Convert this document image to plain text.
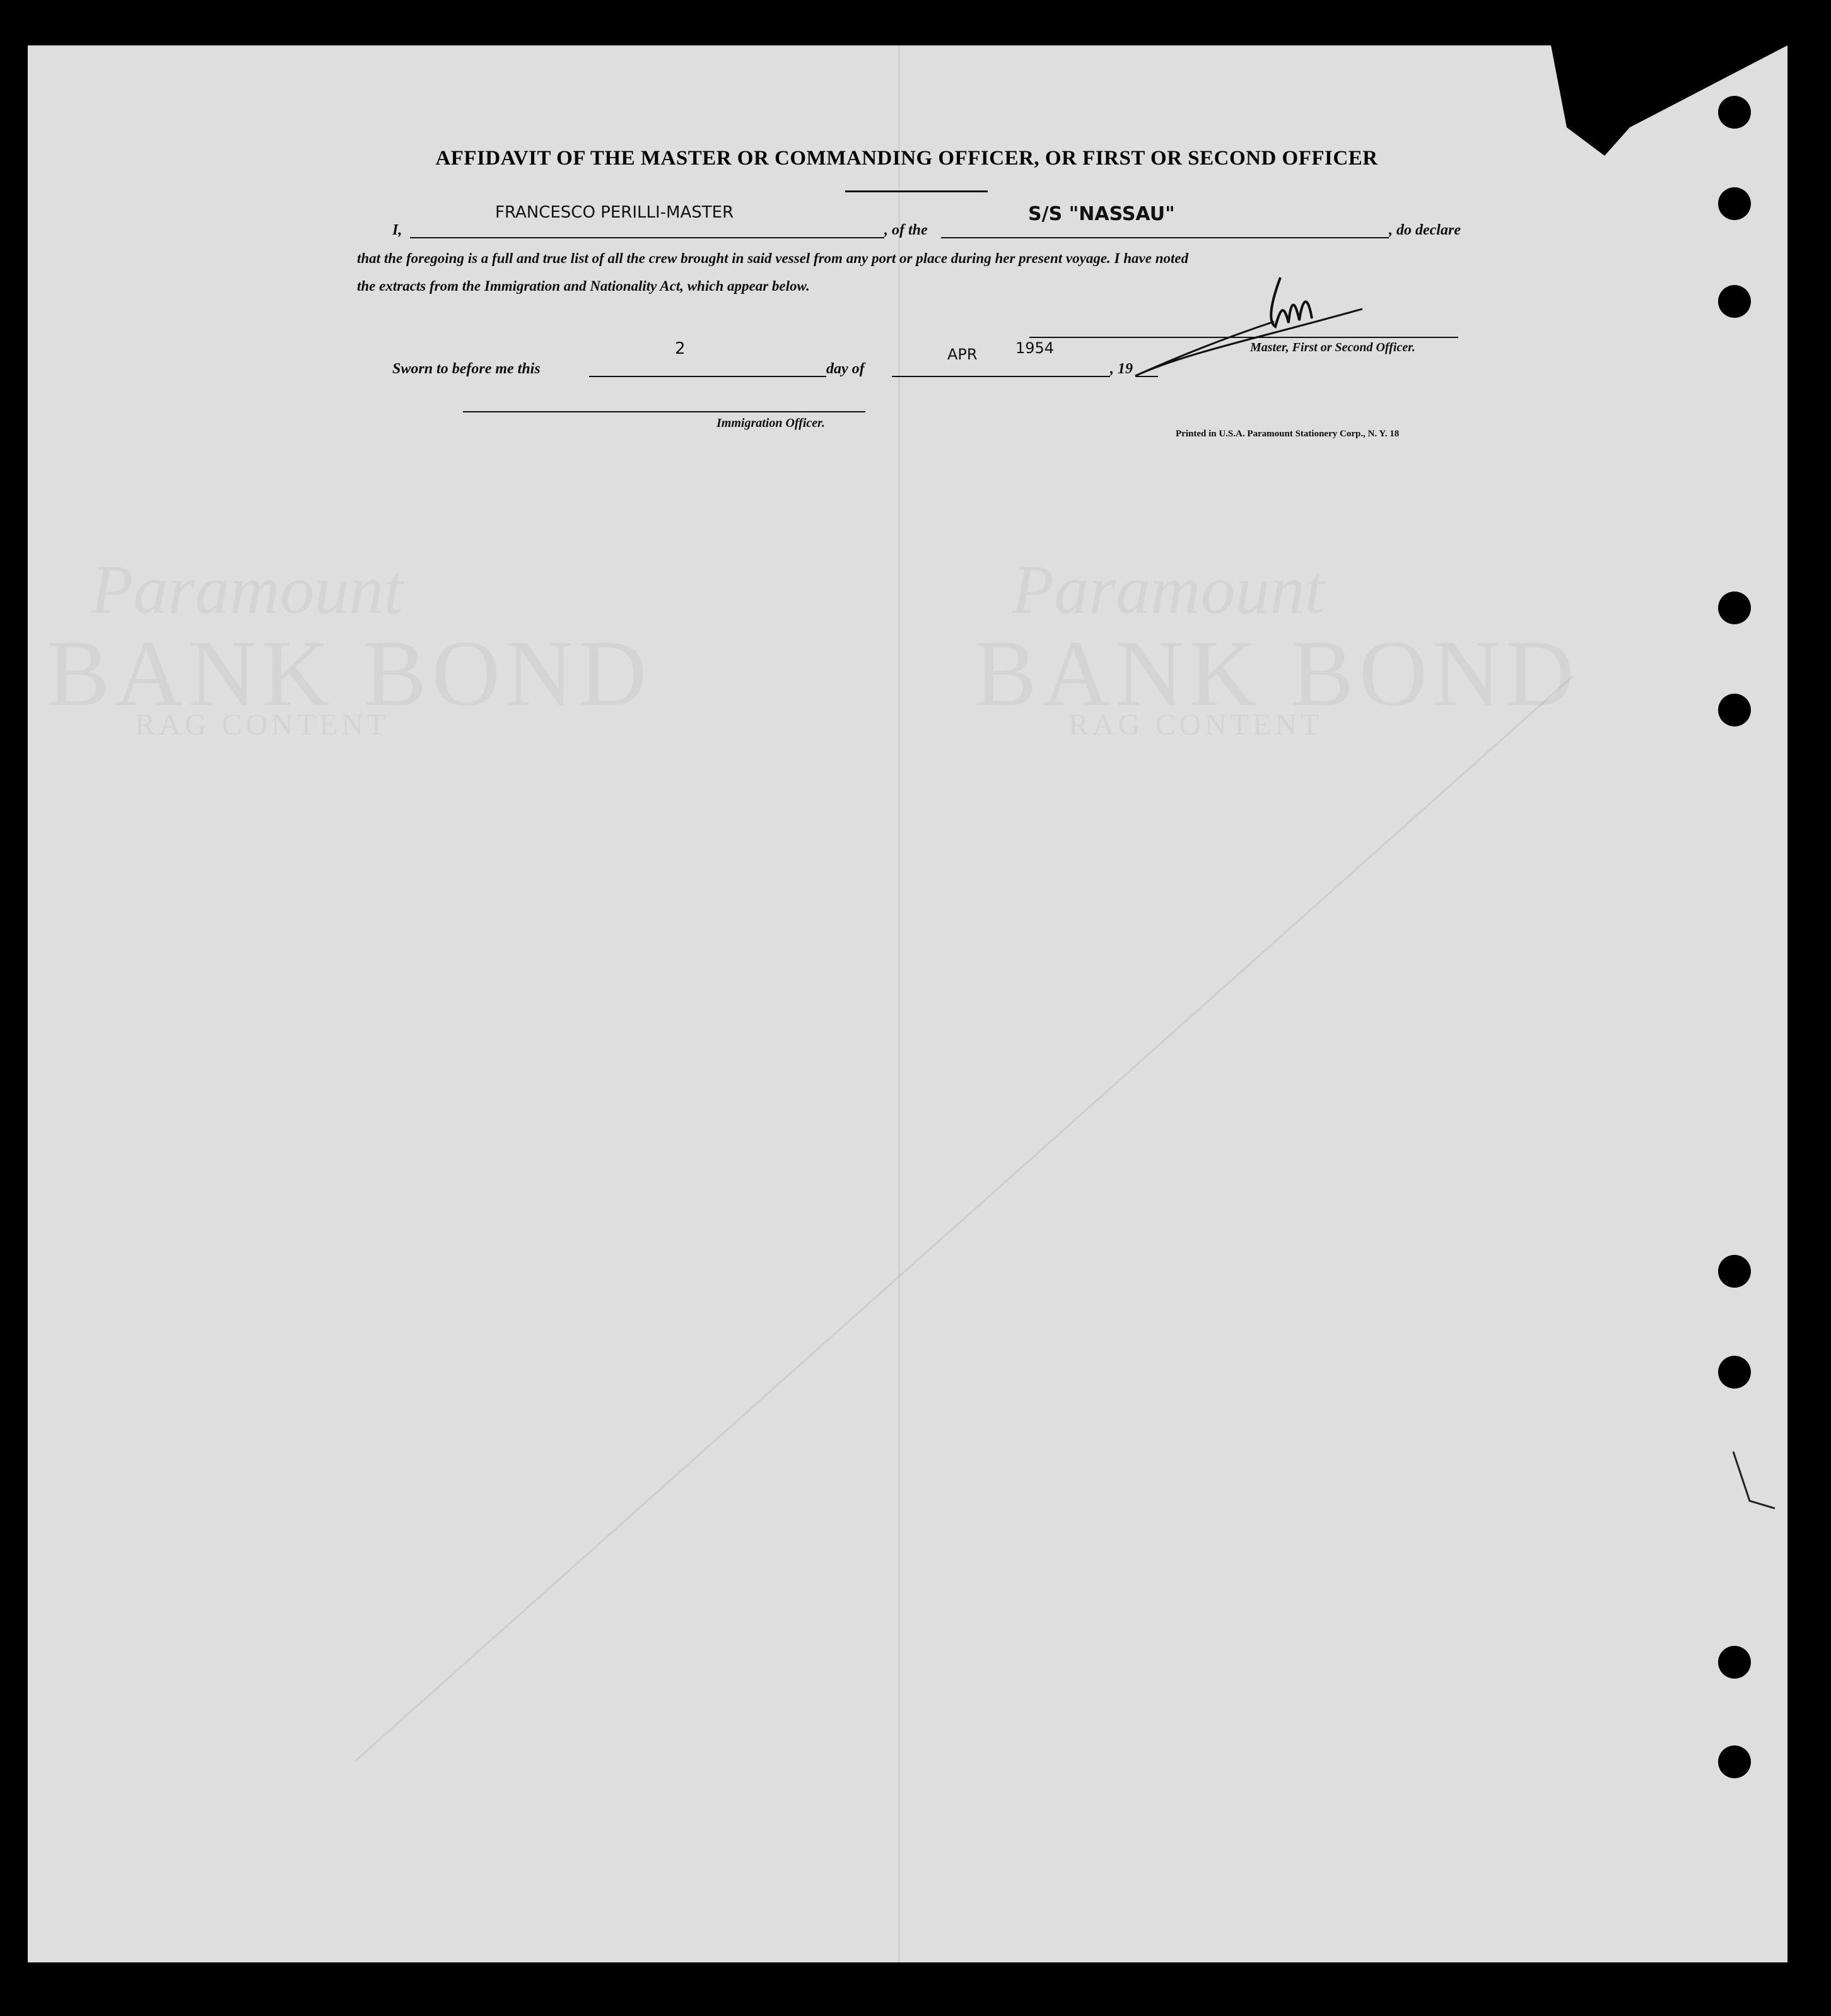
AFFIDAVIT OF THE MASTER OR COMMANDING OFFICER, OR FIRST OR SECOND OFFICER
I,
FRANCESCO PERILLI-MASTER
, of the
S/S "NASSAU"
, do declare
that the foregoing is a full and true list of all the crew brought in said vessel from any port or place during her present voyage. I have noted
the extracts from the Immigration and Nationality Act, which appear below.
Master, First or Second Officer.
Sworn to before me this
2
day of
APR	1954
, 19
Immigration Officer.
Printed in U.S.A. Paramount Stationery Corp., N. Y. 18
